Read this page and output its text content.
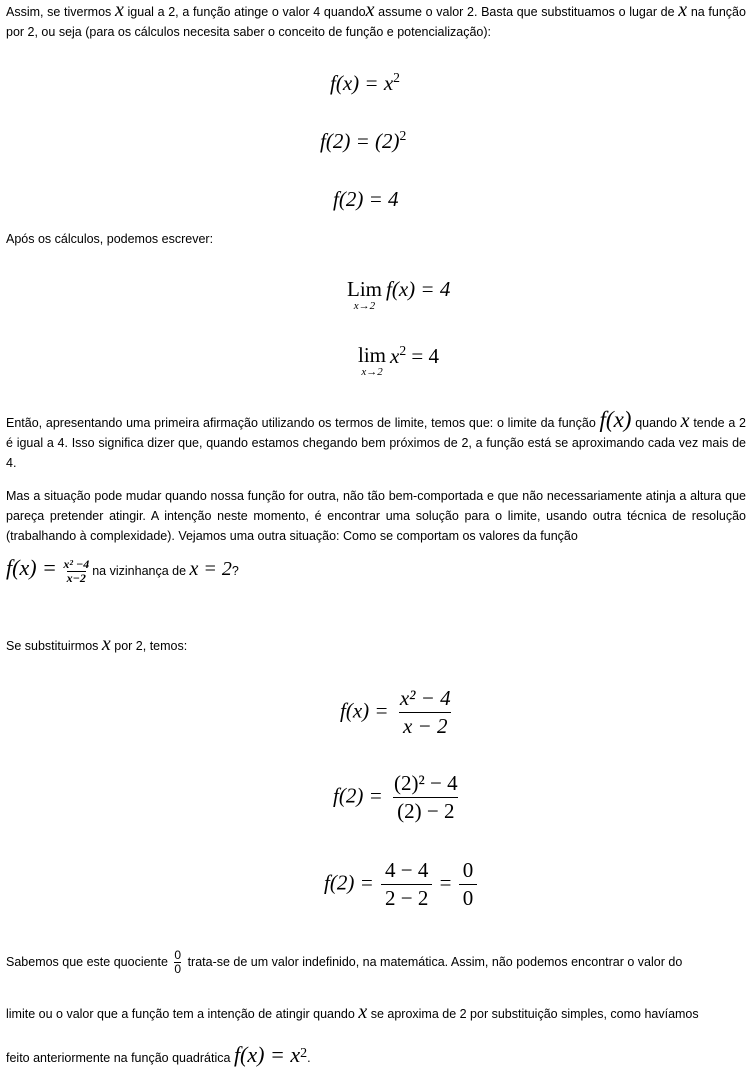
Assim, se tivermos x igual a 2, a função atinge o valor 4 quandox assume o valor 2. Basta que substituamos o lugar de x na função por 2, ou seja (para os cálculos necesita saber o conceito de função e potencialização):
$f(x) = x^2$
$f(2) = (2)^2$
f(2) = 4
Após os cálculos, podemos escrever:
Lim
x→2
f(x) = 4
lim
x→2
$x^2 = 4$
Então, apresentando uma primeira afirmação utilizando os termos de limite, temos que: o limite da função f(x) quando x tende a 2 é igual a 4. Isso significa dizer que, quando estamos chegando bem próximos de 2, a função está se aproximando cada vez mais de 4.
Mas a situação pode mudar quando nossa função for outra, não tão bem-comportada e que não necessariamente atinja a altura que pareça pretender atingir. A intenção neste momento, é encontrar uma solução para o limite, usando outra técnica de resolução (trabalhando à complexidade). Vejamos uma outra situação: Como se comportam os valores da função
$f(x) = \frac{\text{x² −4}}{x-2}$ na vizinhança de x = 2?
Se substituirmos x por 2, temos:
$f(x) = \frac{\text{x² − 4}}{x - 2}$
$f(2) = \frac{\text{(2)² − 4}}{(2) - 2}$
$f(2) = \frac{4 - 4}{2 - 2} = \frac{0}{0}$
Sabemos que este quociente $\frac{0}{0}$ trata-se de um valor indefinido, na matemática. Assim, não podemos encontrar o valor do
limite ou o valor que a função tem a intenção de atingir quando x se aproxima de 2 por substituição simples, como havíamos
feito anteriormente na função quadrática $f(x) = x^2$.
